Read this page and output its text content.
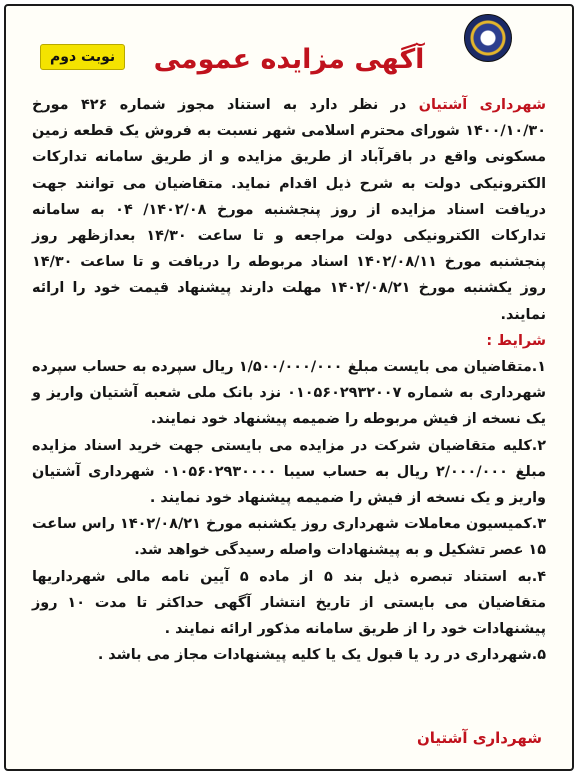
آگهی مزایده عمومی
نوبت دوم

شهرداری آشتیان در نظر دارد به استناد مجوز شماره ۴۲۶ مورخ ۱۴۰۰/۱۰/۳۰ شورای محترم اسلامی شهر نسبت به فروش یک قطعه زمین مسکونی واقع در باقرآباد از طریق مزایده و از طریق سامانه تدارکات الکترونیکی دولت به شرح ذیل اقدام نماید. متقاضیان می توانند جهت دریافت اسناد مزایده از روز پنجشنبه مورخ ۱۴۰۲/۰۸/ ۰۴ به سامانه تدارکات الکترونیکی دولت مراجعه و تا ساعت ۱۴/۳۰ بعدازظهر روز پنجشنبه مورخ ۱۴۰۲/۰۸/۱۱ اسناد مربوطه را دریافت و تا ساعت ۱۴/۳۰ روز یکشنبه مورخ ۱۴۰۲/۰۸/۲۱ مهلت دارند پیشنهاد قیمت خود را ارائه نمایند.

شرایط :

۱.متقاضیان می بایست مبلغ ۱/۵۰۰/۰۰۰/۰۰۰ ریال سپرده به حساب سپرده شهرداری به شماره ۰۱۰۵۶۰۲۹۳۲۰۰۷ نزد بانک ملی شعبه آشتیان واریز و یک نسخه از فیش مربوطه را ضمیمه پیشنهاد خود نمایند.

۲.کلیه متقاضیان شرکت در مزایده می بایستی جهت خرید اسناد مزایده مبلغ ۲/۰۰۰/۰۰۰ ریال به حساب سیبا ۰۱۰۵۶۰۲۹۳۰۰۰۰ شهرداری آشتیان واریز و یک نسخه از فیش را ضمیمه پیشنهاد خود نمایند .

۳.کمیسیون معاملات شهرداری روز یکشنبه مورخ ۱۴۰۲/۰۸/۲۱ راس ساعت ۱۵ عصر تشکیل و به پیشنهادات واصله رسیدگی خواهد شد.

۴.به استناد تبصره ذیل بند ۵ از ماده ۵ آیین نامه مالی شهرداریها متقاضیان می بایستی از تاریخ انتشار آگهی حداکثر تا مدت ۱۰ روز پیشنهادات خود را از طریق سامانه مذکور ارائه نمایند .

۵.شهرداری در رد یا قبول یک یا کلیه پیشنهادات مجاز می باشد .

شهرداری آشتیان
